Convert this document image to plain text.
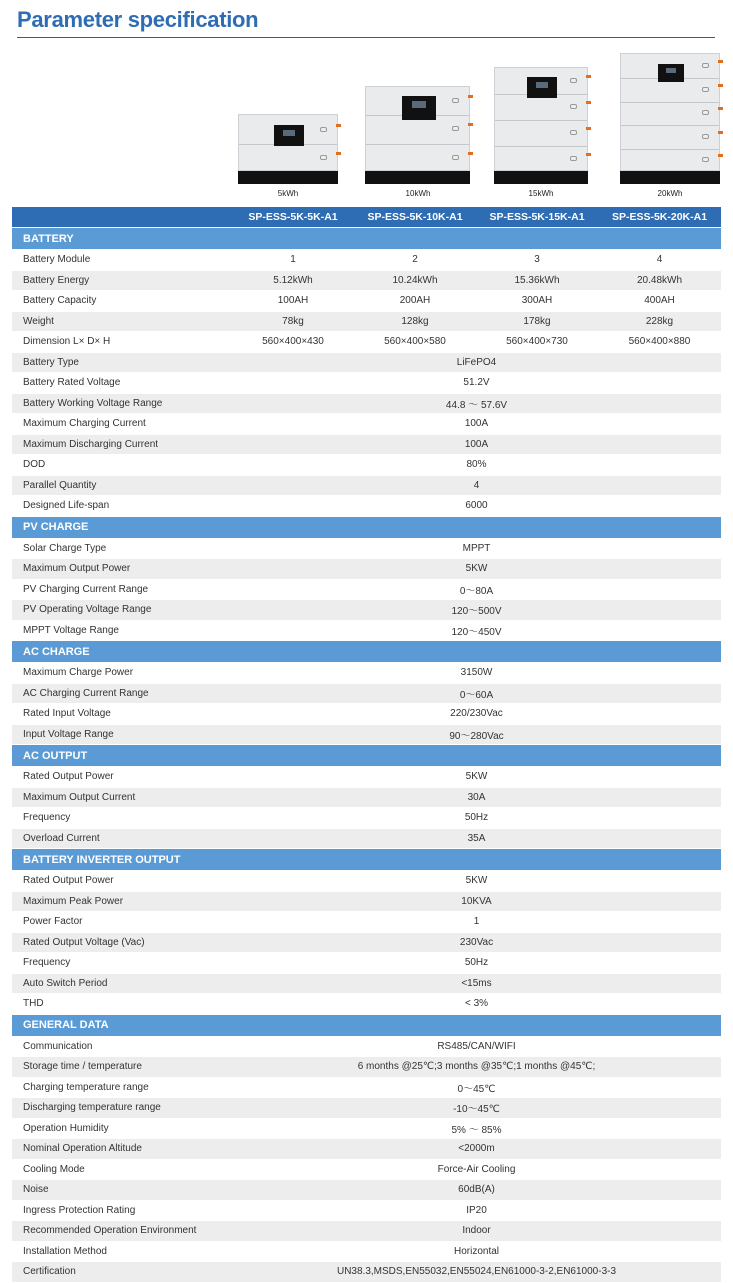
Parameter specification
5kWh	10kWh	15kWh	20kWh
	SP-ESS-5K-5K-A1	SP-ESS-5K-10K-A1	SP-ESS-5K-15K-A1	SP-ESS-5K-20K-A1
BATTERY				
Battery Module	1	2	3	4
Battery Energy	5.12kWh	10.24kWh	15.36kWh	20.48kWh
Battery Capacity	100AH	200AH	300AH	400AH
Weight	78kg	128kg	178kg	228kg
Dimension L× D× H	560×400×430	560×400×580	560×400×730	560×400×880
Battery Type	LiFePO4			
Battery Rated Voltage	51.2V			
Battery Working Voltage Range	44.8 ～ 57.6V			
Maximum Charging Current	100A			
Maximum Discharging Current	100A			
DOD	80%			
Parallel Quantity	4			
Designed Life-span	6000			
PV CHARGE				
Solar Charge Type	MPPT			
Maximum Output Power	5KW			
PV Charging Current Range	0～80A			
PV Operating Voltage Range	120～500V			
MPPT Voltage Range	120～450V			
AC CHARGE				
Maximum Charge Power	3150W			
AC Charging Current Range	0～60A			
Rated Input Voltage	220/230Vac			
Input Voltage Range	90～280Vac			
AC OUTPUT				
Rated Output Power	5KW			
Maximum Output Current	30A			
Frequency	50Hz			
Overload Current	35A			
BATTERY INVERTER OUTPUT				
Rated Output Power	5KW			
Maximum Peak Power	10KVA			
Power Factor	1			
Rated Output Voltage (Vac)	230Vac			
Frequency	50Hz			
Auto Switch Period	<15ms			
THD	< 3%			
GENERAL DATA				
Communication	RS485/CAN/WIFI			
Storage time / temperature	6 months @25℃;3 months @35℃;1 months @45℃;			
Charging temperature range	0～45℃			
Discharging temperature range	-10～45℃			
Operation Humidity	5% ～ 85%			
Nominal Operation Altitude	<2000m			
Cooling Mode	Force-Air Cooling			
Noise	60dB(A)			
Ingress Protection Rating	IP20			
Recommended Operation Environment	Indoor			
Installation Method	Horizontal			
Certification	UN38.3,MSDS,EN55032,EN55024,EN61000-3-2,EN61000-3-3			
